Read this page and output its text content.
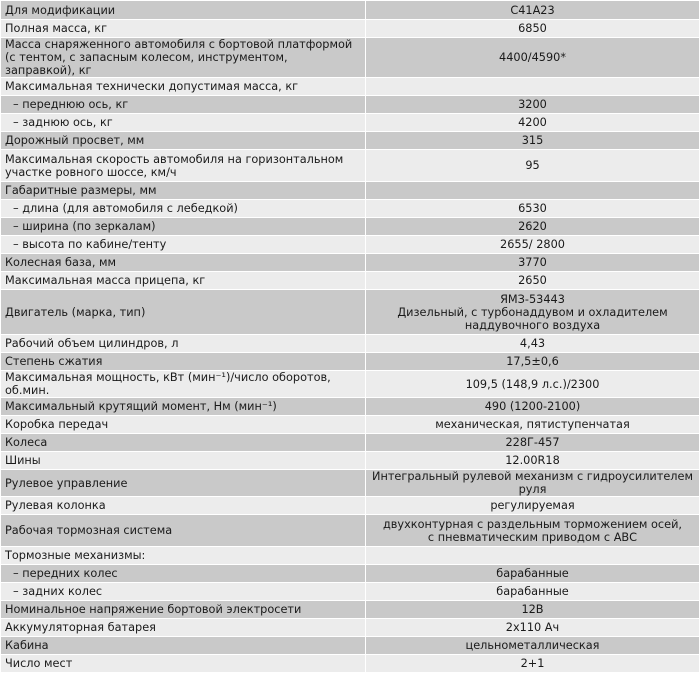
Для модификации	С41А23
Полная масса, кг	6850
Масса снаряженного автомобиля с бортовой платформой
(с тентом, с запасным колесом, инструментом, заправкой), кг	4400/4590*
Максимальная технически допустимая масса, кг	
– переднюю ось, кг	3200
– заднюю ось, кг	4200
Дорожный просвет, мм	315
Максимальная скорость автомобиля на горизонтальном
участке ровного шоссе, км/ч	95
Габаритные размеры, мм	
– длина (для автомобиля с лебедкой)	6530
– ширина (по зеркалам)	2620
– высота по кабине/тенту	2655/ 2800
Колесная база, мм	3770
Максимальная масса прицепа, кг	2650
Двигатель (марка, тип)	ЯМЗ-53443
Дизельный, с турбонаддувом и охладителем
наддувочного воздуха
Рабочий объем цилиндров, л	4,43
Степень сжатия	17,5±0,6
Максимальная мощность, кВт (мин⁻¹)/число оборотов, об.мин.	109,5 (148,9 л.с.)/2300
Максимальный крутящий момент, Нм (мин⁻¹)	490 (1200-2100)
Коробка передач	механическая, пятиступенчатая
Колеса	228Г-457
Шины	12.00R18
Рулевое управление	Интегральный рулевой механизм с гидроусилителем руля
Рулевая колонка	регулируемая
Рабочая тормозная система	двухконтурная с раздельным торможением осей,
с пневматическим приводом с АВС
Тормозные механизмы:	
– передних колес	барабанные
– задних колес	барабанные
Номинальное напряжение бортовой электросети	12В
Аккумуляторная батарея	2х110 Ач
Кабина	цельнометаллическая
Число мест	2+1
